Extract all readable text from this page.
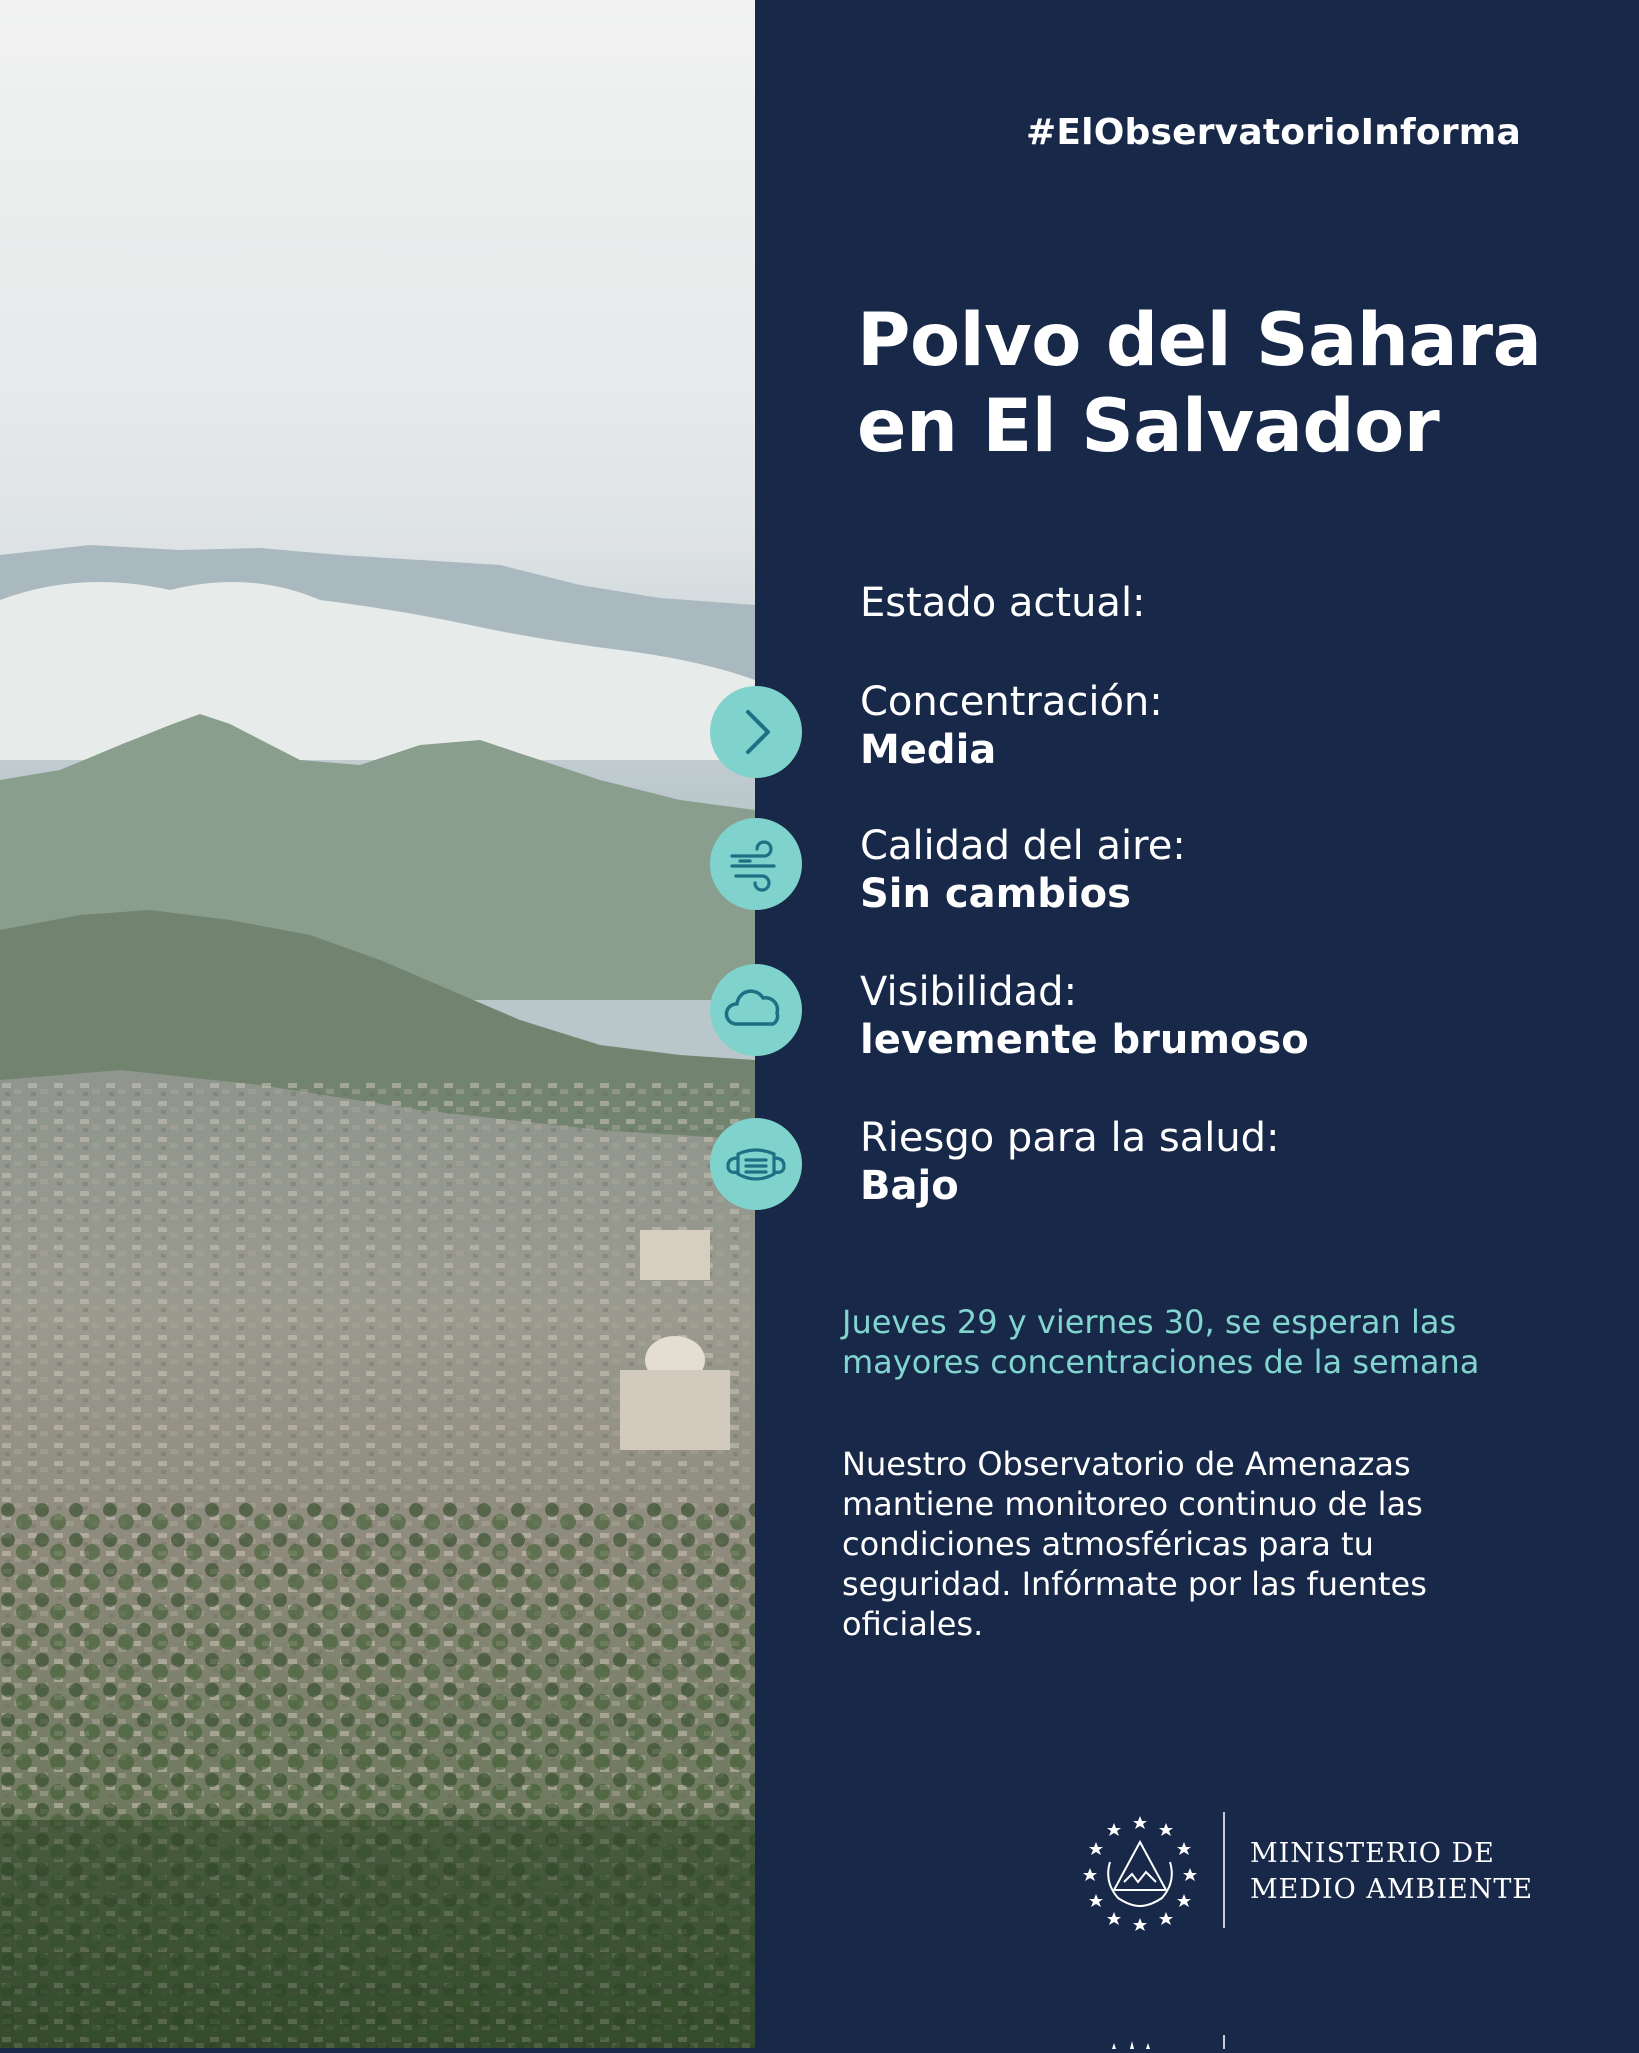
#ElObservatorioInforma
Polvo del Sahara
en El Salvador
Estado actual:
Concentración:
Media
Calidad del aire:
Sin cambios
Visibilidad:
levemente brumoso
Riesgo para la salud:
Bajo
Jueves 29 y viernes 30, se esperan las mayores concentraciones de la semana
Nuestro Observatorio de Amenazas mantiene monitoreo continuo de las condiciones atmosféricas para tu seguridad. Infórmate por las fuentes oficiales.
MINISTERIO DE
MEDIO AMBIENTE
